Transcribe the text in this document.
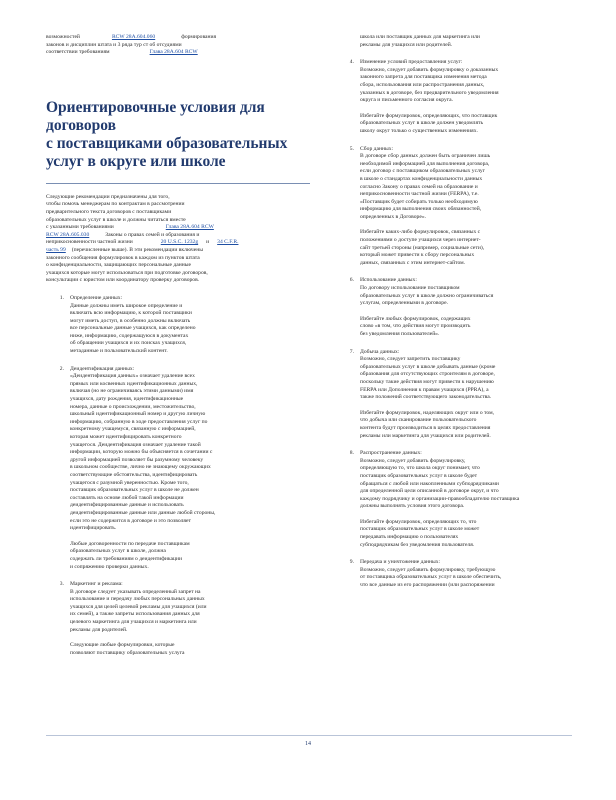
возможностей	RCW 28A.604.060	формирования
законов и дисциплин штата и 3 ряда тур ст об отсудиями
соответствии требованиям	Глава 28A.604 RCW
Ориентировочные условия для договоров
с поставщиками образовательных
услуг в округе или школе
Следующие рекомендации предназначены для того,
чтобы помочь менеджерам по контрактам в рассмотрении
предварительного текста договоров с поставщиками
образовательных услуг в школе и должны читаться вместе
с указанными требованиями	Глава 28A.604 RCW
RCW 28A.605.030	Законы о правах семей и образования и
неприкосновенности частной жизни	20 U.S.C. 1232g и 34 C.F.R.
часть 99 (перечисленные выше). В эти рекомендации включены
законного сообщения формулировок в каждом из пунктов штата
о конфиденциальности, защищающих персональные данные
учащихся которые могут использоваться при подготовке договоров,
консультации с юристом или координатору проверку договоров.
1.	Определение данных:
Данные должны иметь широкое определение и
включать всю информацию, к которой поставщики
могут иметь доступ, в особенно должны включать
все персональные данные учащихся, как определено
ниже, информацию, содержащуюся в документах
об обращении учащихся и их поисках учащихся,
метаданные и пользовательский контент.
2.	Деидентификация данных:
«Деидентификация данных» означает удаление всех
прямых или косвенных идентификационных данных,
включая (но не ограничиваясь этими данными) имя
учащихся, дату рождения, идентификационные
номера, данные о происхождении, местожительство,
школьный идентификационный номер и другую личную
информацию, собранную в ходе предоставления услуг по
конкретному учащемуся, связанную с информацией,
которая может идентифицировать конкретного
учащегося. Деидентификация означает удаление такой
информации, которую можно бы объясняется в сочетании с
другой информацией позволяет бы разумному человеку
в школьном сообществе, лично не знающему окружающих
соответствующие обстоятельства, идентифицировать
учащегося с разумной уверенностью. Кроме того,
поставщик образовательных услуг в школе не должен
составлять на основе любой такой информации
деидентифицированные данные и использовать
деидентифицированные данные или данные любой стороны,
если это не содержится в договоре и это позволяет
идентифицировать.
Любые договоренности по передаче поставщикам
образовательных услуг в школе, должна
содержать ли требованиям о деидентификации
и сопряжению проверки данных.
3.	Маркетинг и реклама:
В договоре следует указывать определенный запрет на
использование и передачу любых персональных данных
учащихся для целей целевой рекламы для учащихся (или
их семей), а также запреты использования данных для
целевого маркетинга для учащихся и маркетинга или
рекламы для родителей.
Следующие любые формулировки, которые
позволяют поставщику образовательных услуга
школа или поставщик данных для маркетинга или
рекламы для учащихся или родителей.
4.	Изменение условий предоставления услуг:
Возможно, следует добавить формулировку о доказанных
законного запрета для поставщика изменения метода
сбора, использования или распространения данных,
указанных в договоре, без предварительного уведомления
округа и письменного согласия округа.
Избегайте формулировок, определяющих, что поставщик
образовательных услуг в школе должен уведомлять
школу округ только о существенных изменениях.
5.	Сбор данных:
В договоре сбор данных должен быть ограничен лишь
необходимой информацией для выполнения договора,
если договор с поставщиком образовательных услуг
в школе о стандартах конфиденциальности данных
согласно Закону о правах семей на образование и
неприкосновенности частной жизни (FERPA), т.е.
«Поставщик будет собирать только необходимую
информацию для выполнения своих обязанностей,
определенных в Договоре».
Избегайте каких-либо формулировок, связанных с
положениями о доступе учащихся через интернет-
сайт третьей стороны (например, социальные сети),
который может привести к сбору персональных
данных, связанных с этим интернет-сайтом.
6.	Использование данных:
По договору использование поставщиком
образовательных услуг в школе должно ограничиваться
услугам, определенными в договоре.
Избегайте любых формулировок, содержащих
слово «в том, что действия могут производить
без уведомления пользователей».
7.	Добыча данных:
Возможно, следует запретить поставщику
образовательных услуг в школе добывать данные (кроме
образования для отсутствующих строителям в договоре,
поскольку такие действия могут привести к нарушению
FERPA или Дополнения к правам учащихся (PPRA), а
также положений соответствующего законодательства.
Избегайте формулировок, наделяющих округ или о том,
что добыча или сканирование пользовательского
контента будут производиться в целях предоставления
рекламы или маркетинга для учащихся или родителей.
8.	Распространение данных:
Возможно, следует добавить формулировку,
определяющую то, что школа округ понимает, что
поставщик образовательных услуг в школе будет
обращаться с любой или накопленными субподрядчиками
для определенной цели описанной в договоре округ, и что
каждому подрядчику и организации-правообладателю поставщика
должны выполнять условия этого договора.
Избегайте формулировок, определяющих то, что
поставщик образовательных услуг в школе может
передавать информацию о пользователях
субподрядчикам без уведомления пользователя.
9.	Передача и уничтожение данных:
Возможно, следует добавить формулировку, требующую
от поставщика образовательных услуг в школе обеспечить,
что все данные из его распоряжении (или распоряжении
14
